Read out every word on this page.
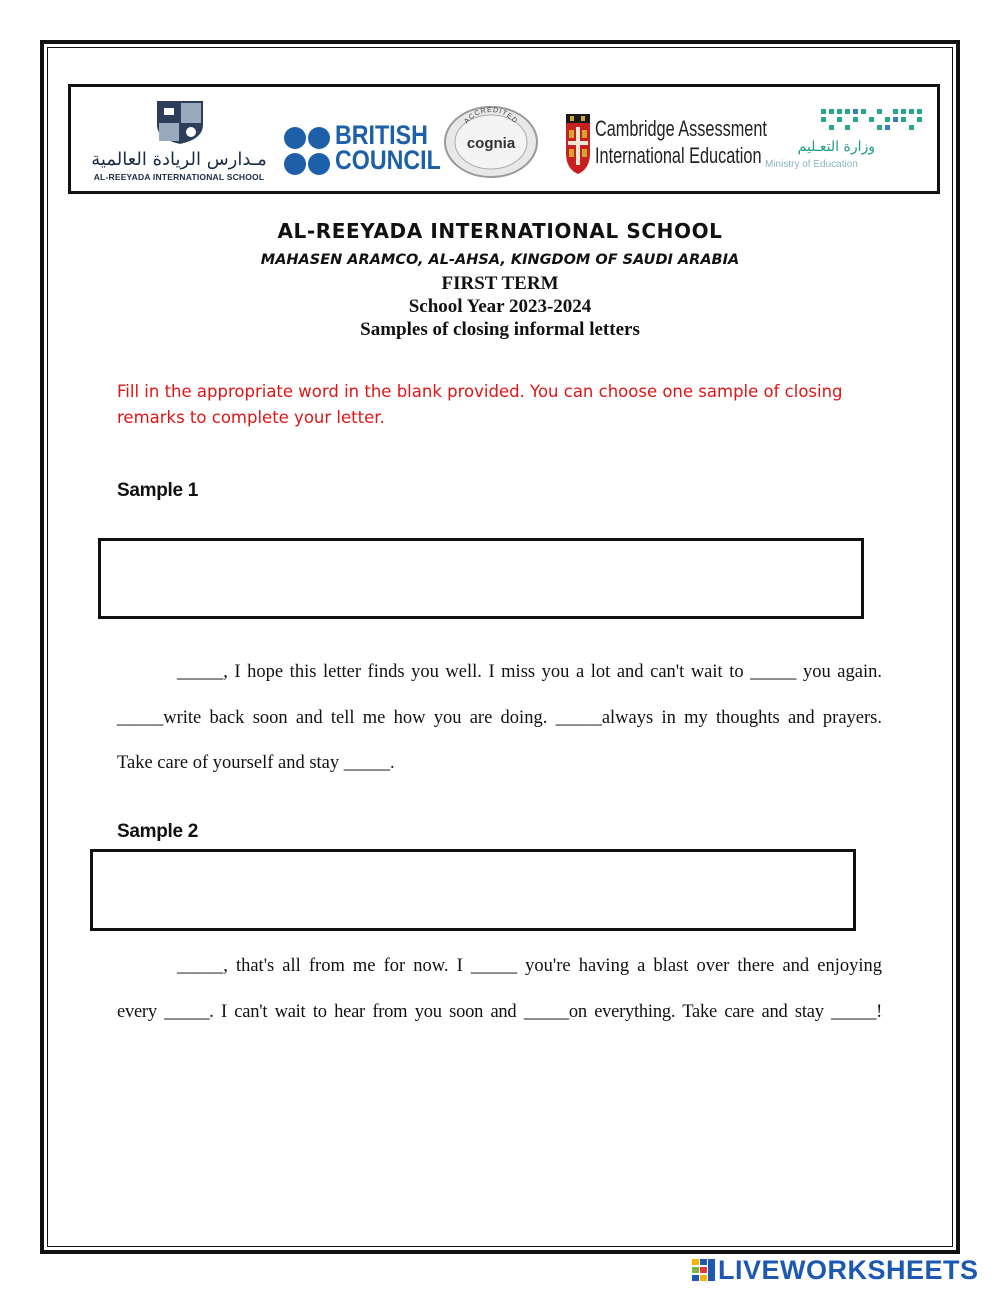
مـدارس الريادة العالمية
AL-REEYADA INTERNATIONAL SCHOOL
BRITISH
COUNCIL
ACCREDITED
cognia
Cambridge Assessment
International Education	وزارة التعـليم
Ministry of Education
AL-REEYADA INTERNATIONAL SCHOOL
MAHASEN ARAMCO, AL-AHSA, KINGDOM OF SAUDI ARABIA
FIRST TERM
School Year 2023-2024
Samples of closing informal letters
Fill in the appropriate word in the blank provided. You can choose one sample of closing remarks to complete your letter.
Sample 1
_____, I hope this letter finds you well. I miss you a lot and can't wait to _____ you again.
_____write back soon and tell me how you are doing. _____always in my thoughts and prayers.
Take care of yourself and stay _____.
Sample 2
_____, that's all from me for now. I _____ you're having a blast over there and enjoying
every _____. I can't wait to hear from you soon and _____on everything. Take care and stay _____!
LIVEWORKSHEETS
